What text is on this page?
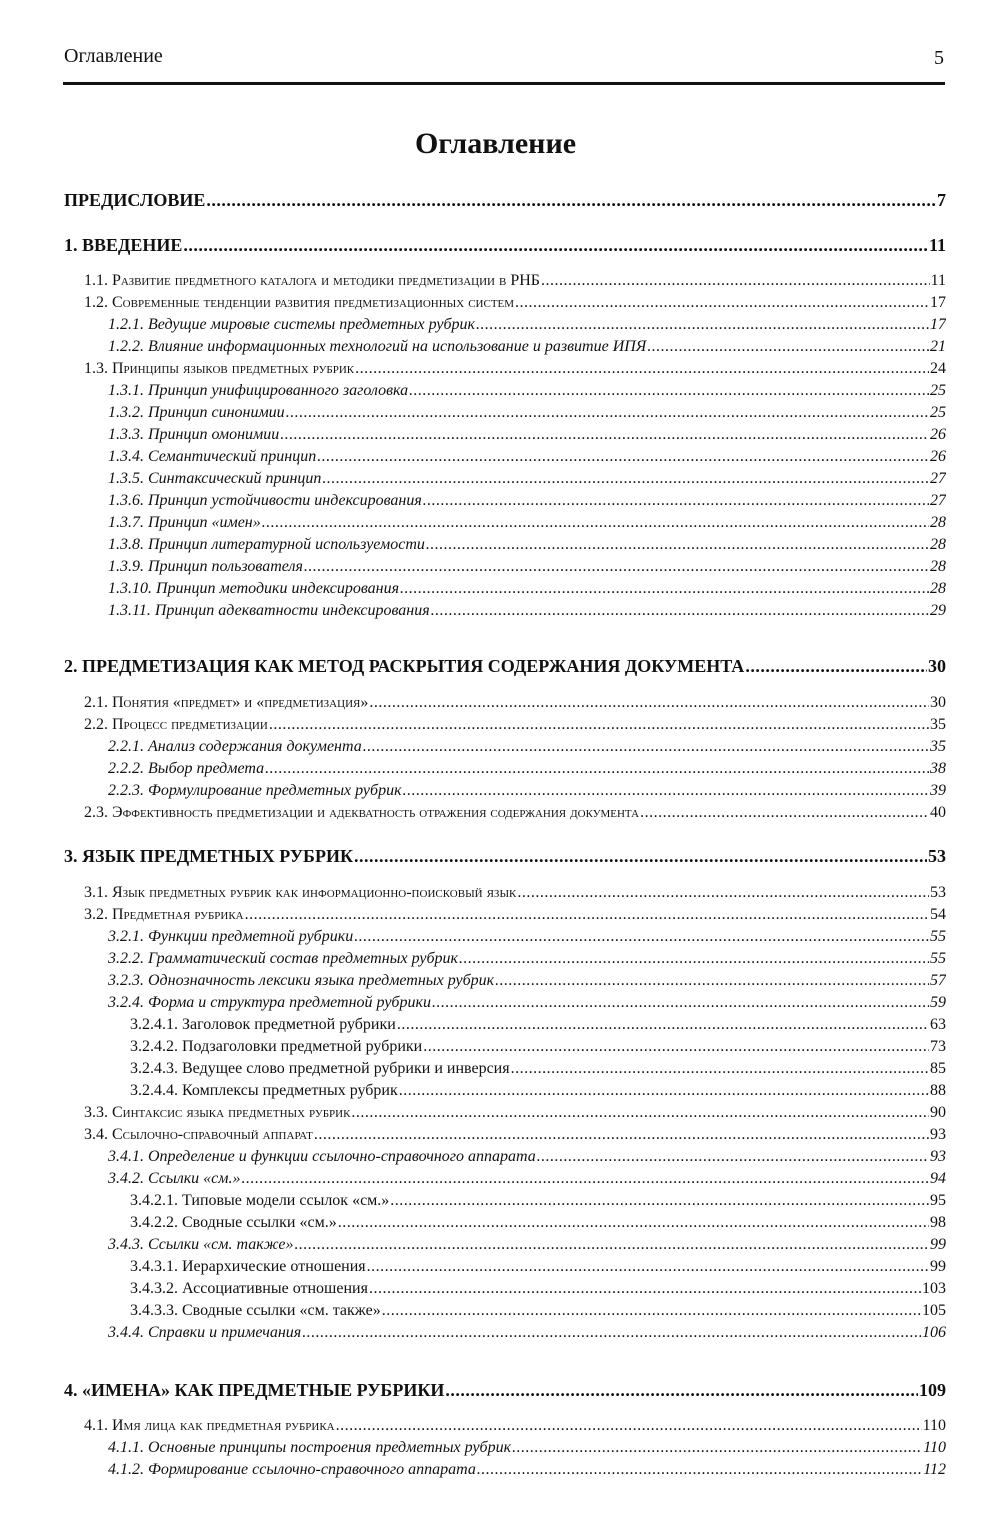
Оглавление	5
Оглавление
ПРЕДИСЛОВИЕ .....	7
1. ВВЕДЕНИЕ .....	11
1.1. Развитие предметного каталога и методики предметизации в РНБ .....	11
1.2. Современные тенденции развития предметизационных систем .....	17
1.2.1. Ведущие мировые системы предметных рубрик .....	17
1.2.2. Влияние информационных технологий на использование и развитие ИПЯ .....	21
1.3. Принципы языков предметных рубрик .....	24
1.3.1. Принцип унифицированного заголовка .....	25
1.3.2. Принцип синонимии .....	25
1.3.3. Принцип омонимии .....	26
1.3.4. Семантический принцип .....	26
1.3.5. Синтаксический принцип .....	27
1.3.6. Принцип устойчивости индексирования .....	27
1.3.7. Принцип «имен» .....	28
1.3.8. Принцип литературной используемости .....	28
1.3.9. Принцип пользователя .....	28
1.3.10. Принцип методики индексирования .....	28
1.3.11. Принцип адекватности индексирования .....	29
2. ПРЕДМЕТИЗАЦИЯ КАК МЕТОД РАСКРЫТИЯ СОДЕРЖАНИЯ ДОКУМЕНТА .....	30
2.1. Понятия «предмет» и «предметизация» .....	30
2.2. Процесс предметизации .....	35
2.2.1. Анализ содержания документа .....	35
2.2.2. Выбор предмета .....	38
2.2.3. Формулирование предметных рубрик .....	39
2.3. Эффективность предметизации и адекватность отражения содержания документа .....	40
3. ЯЗЫК ПРЕДМЕТНЫХ РУБРИК .....	53
3.1. Язык предметных рубрик как информационно-поисковый язык .....	53
3.2. Предметная рубрика .....	54
3.2.1. Функции предметной рубрики .....	55
3.2.2. Грамматический состав предметных рубрик .....	55
3.2.3. Однозначность лексики языка предметных рубрик .....	57
3.2.4. Форма и структура предметной рубрики .....	59
3.2.4.1. Заголовок предметной рубрики .....	63
3.2.4.2. Подзаголовки предметной рубрики .....	73
3.2.4.3. Ведущее слово предметной рубрики и инверсия .....	85
3.2.4.4. Комплексы предметных рубрик .....	88
3.3. Синтаксис языка предметных рубрик .....	90
3.4. Ссылочно-справочный аппарат .....	93
3.4.1. Определение и функции ссылочно-справочного аппарата .....	93
3.4.2. Ссылки «см.» .....	94
3.4.2.1. Типовые модели ссылок «см.» .....	95
3.4.2.2. Сводные ссылки «см.» .....	98
3.4.3. Ссылки «см. также» .....	99
3.4.3.1. Иерархические отношения .....	99
3.4.3.2. Ассоциативные отношения .....	103
3.4.3.3. Сводные ссылки «см. также» .....	105
3.4.4. Справки и примечания .....	106
4. «ИМЕНА» КАК ПРЕДМЕТНЫЕ РУБРИКИ .....	109
4.1. Имя лица как предметная рубрика .....	110
4.1.1. Основные принципы построения предметных рубрик .....	110
4.1.2. Формирование ссылочно-справочного аппарата .....	112
